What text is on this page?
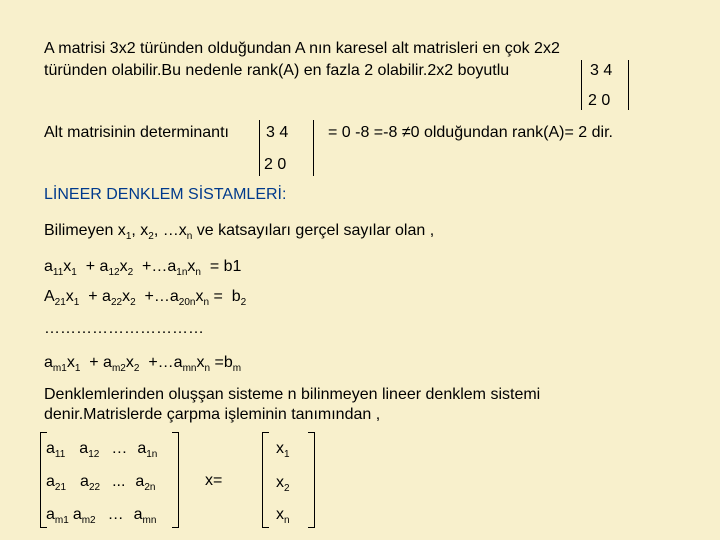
A matrisi 3x2 türünden olduğundan A nın karesel alt matrisleri en çok 2x2
türünden olabilir.Bu nedenle rank(A) en fazla 2 olabilir.2x2 boyutlu	3 4
2 0
Alt matrisinin determinantı 3 4
2 0
= 0 -8 =-8 ≠0 olduğundan rank(A)= 2 dir.
LİNEER DENKLEM SİSTAMLERİ:
Bilimeyen $x_1$, $x_2$, $\dots x_n$ ve katsayıları gerçel sayılar olan ,
$a_{11}x_1 + a_{12}x_2$  $+\dots a_{1n}x_n = b1$
$A_{21}x_1 + a_{22}x_2$  $+\dots a_{20n}x_n = b_2$
…………………………
$a_{m1}x_1 + a_{m2}x_2$  $+\dots a_{mn}x_n =b_m$
Denklemlerinden oluşşan sisteme n bilinmeyen lineer denklem sistemi
denir.Matrislerde çarpma işleminin tanımından ,
$a_{11}$ $a_{12}$ … $a_{1n}$
$a_{21}$ $a_{22}$ ... $a_{2n}$
$a_{m1}$ $a_{m2}$ … $a_{mn}$
x=
$x_1$
$x_2$
$x_n$
